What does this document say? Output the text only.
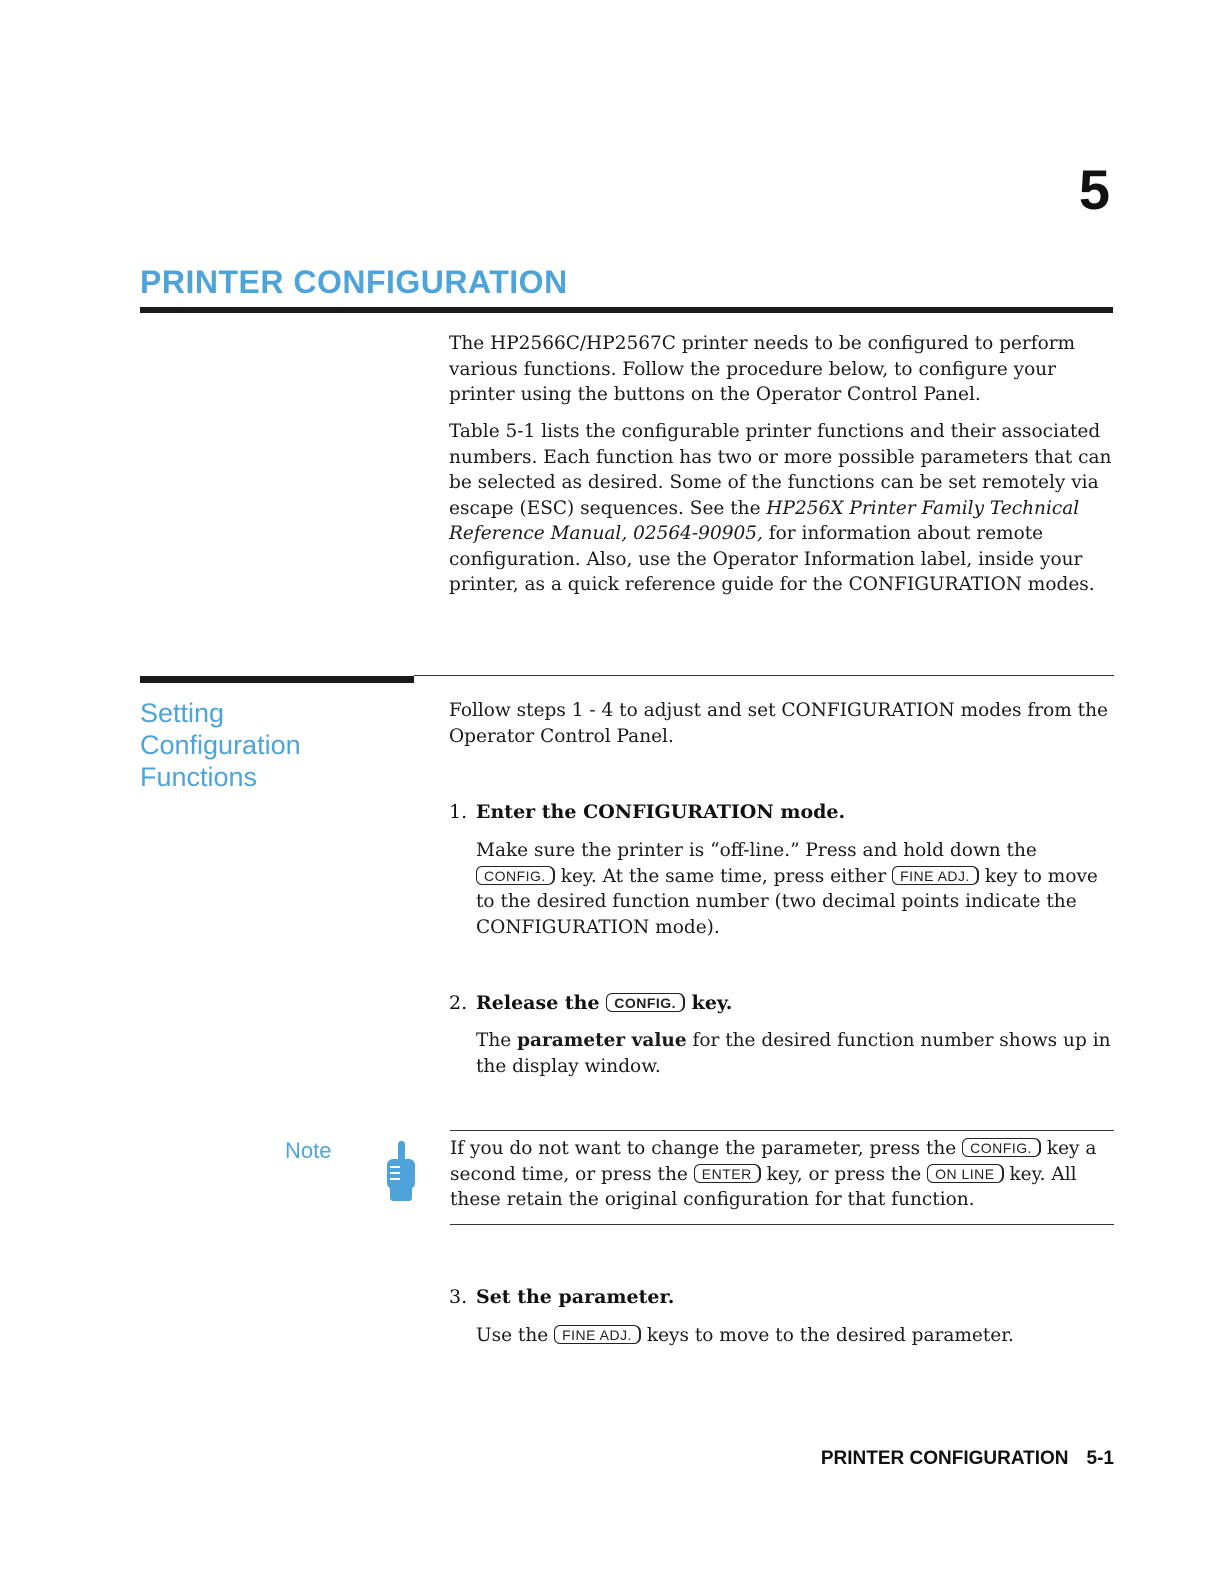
5
PRINTER CONFIGURATION

The HP2566C/HP2567C printer needs to be configured to perform various functions. Follow the procedure below, to configure your printer using the buttons on the Operator Control Panel.

Table 5-1 lists the configurable printer functions and their associated numbers. Each function has two or more possible parameters that can be selected as desired. Some of the functions can be set remotely via escape (ESC) sequences. See the HP256X Printer Family Technical Reference Manual, 02564-90905, for information about remote configuration. Also, use the Operator Information label, inside your printer, as a quick reference guide for the CONFIGURATION modes.

Setting
Configuration
Functions

Follow steps 1 - 4 to adjust and set CONFIGURATION modes from the Operator Control Panel.

1. Enter the CONFIGURATION mode.

Make sure the printer is “off-line.” Press and hold down the CONFIG. key. At the same time, press either FINE ADJ. key to move to the desired function number (two decimal points indicate the CONFIGURATION mode).

2. Release the CONFIG. key.

The parameter value for the desired function number shows up in the display window.

Note	If you do not want to change the parameter, press the CONFIG. key a second time, or press the ENTER key, or press the ON LINE key. All these retain the original configuration for that function.

3. Set the parameter.

Use the FINE ADJ. keys to move to the desired parameter.

PRINTER CONFIGURATION 5-1
